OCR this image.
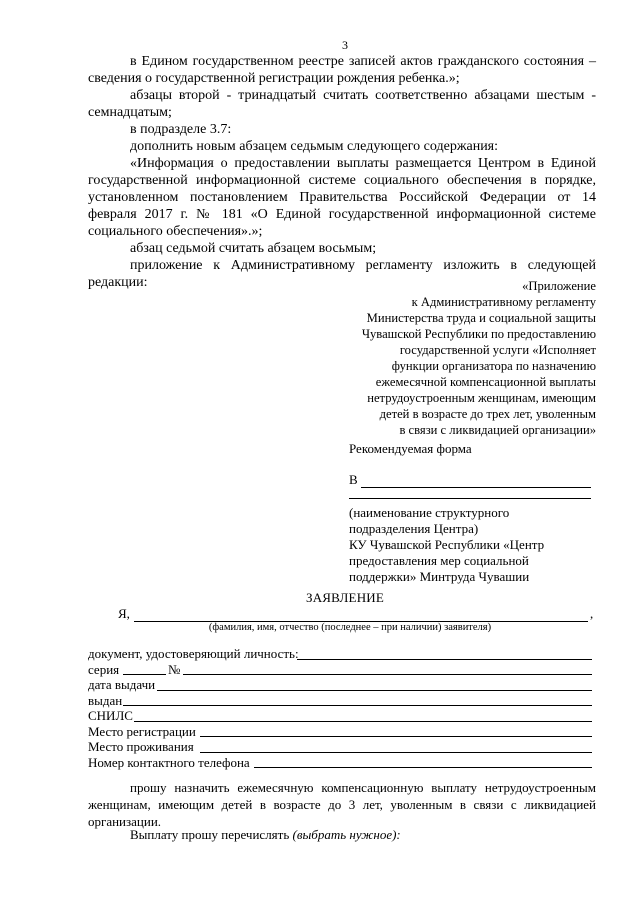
3

в Едином государственном реестре записей актов гражданского состояния – сведения о государственной регистрации рождения ребенка.»;

абзацы второй - тринадцатый считать соответственно абзацами шестым - семнадцатым;

в подразделе 3.7:

дополнить новым абзацем седьмым следующего содержания:

«Информация о предоставлении выплаты размещается Центром в Единой государственной информационной системе социального обеспечения в порядке, установленном постановлением Правительства Российской Федерации от 14 февраля 2017 г. № 181 «О Единой государственной информационной системе социального обеспечения».»;

абзац седьмой считать абзацем восьмым;

приложение к Административному регламенту изложить в следующей редакции:	«Приложение
к Административному регламенту
Министерства труда и социальной защиты
Чувашской Республики по предоставлению
государственной услуги «Исполняет
функции организатора по назначению
ежемесячной компенсационной выплаты
нетрудоустроенным женщинам, имеющим
детей в возрасте до трех лет, уволенным
в связи с ликвидацией организации»
Рекомендуемая форма
В
(наименование структурного
подразделения Центра)
КУ Чувашской Республики «Центр
предоставления мер социальной
поддержки» Минтруда Чувашии
ЗАЯВЛЕНИЕ
Я,	,
(фамилия, имя, отчество (последнее – при наличии) заявителя)
документ, удостоверяющий личность:
серия	№
дата выдачи
выдан
СНИЛС
Место регистрации
Место проживания
Номер контактного телефона

прошу назначить ежемесячную компенсационную выплату нетрудоустроенным женщинам, имеющим детей в возрасте до 3 лет, уволенным в связи с ликвидацией организации.

Выплату прошу перечислять (выбрать нужное):
